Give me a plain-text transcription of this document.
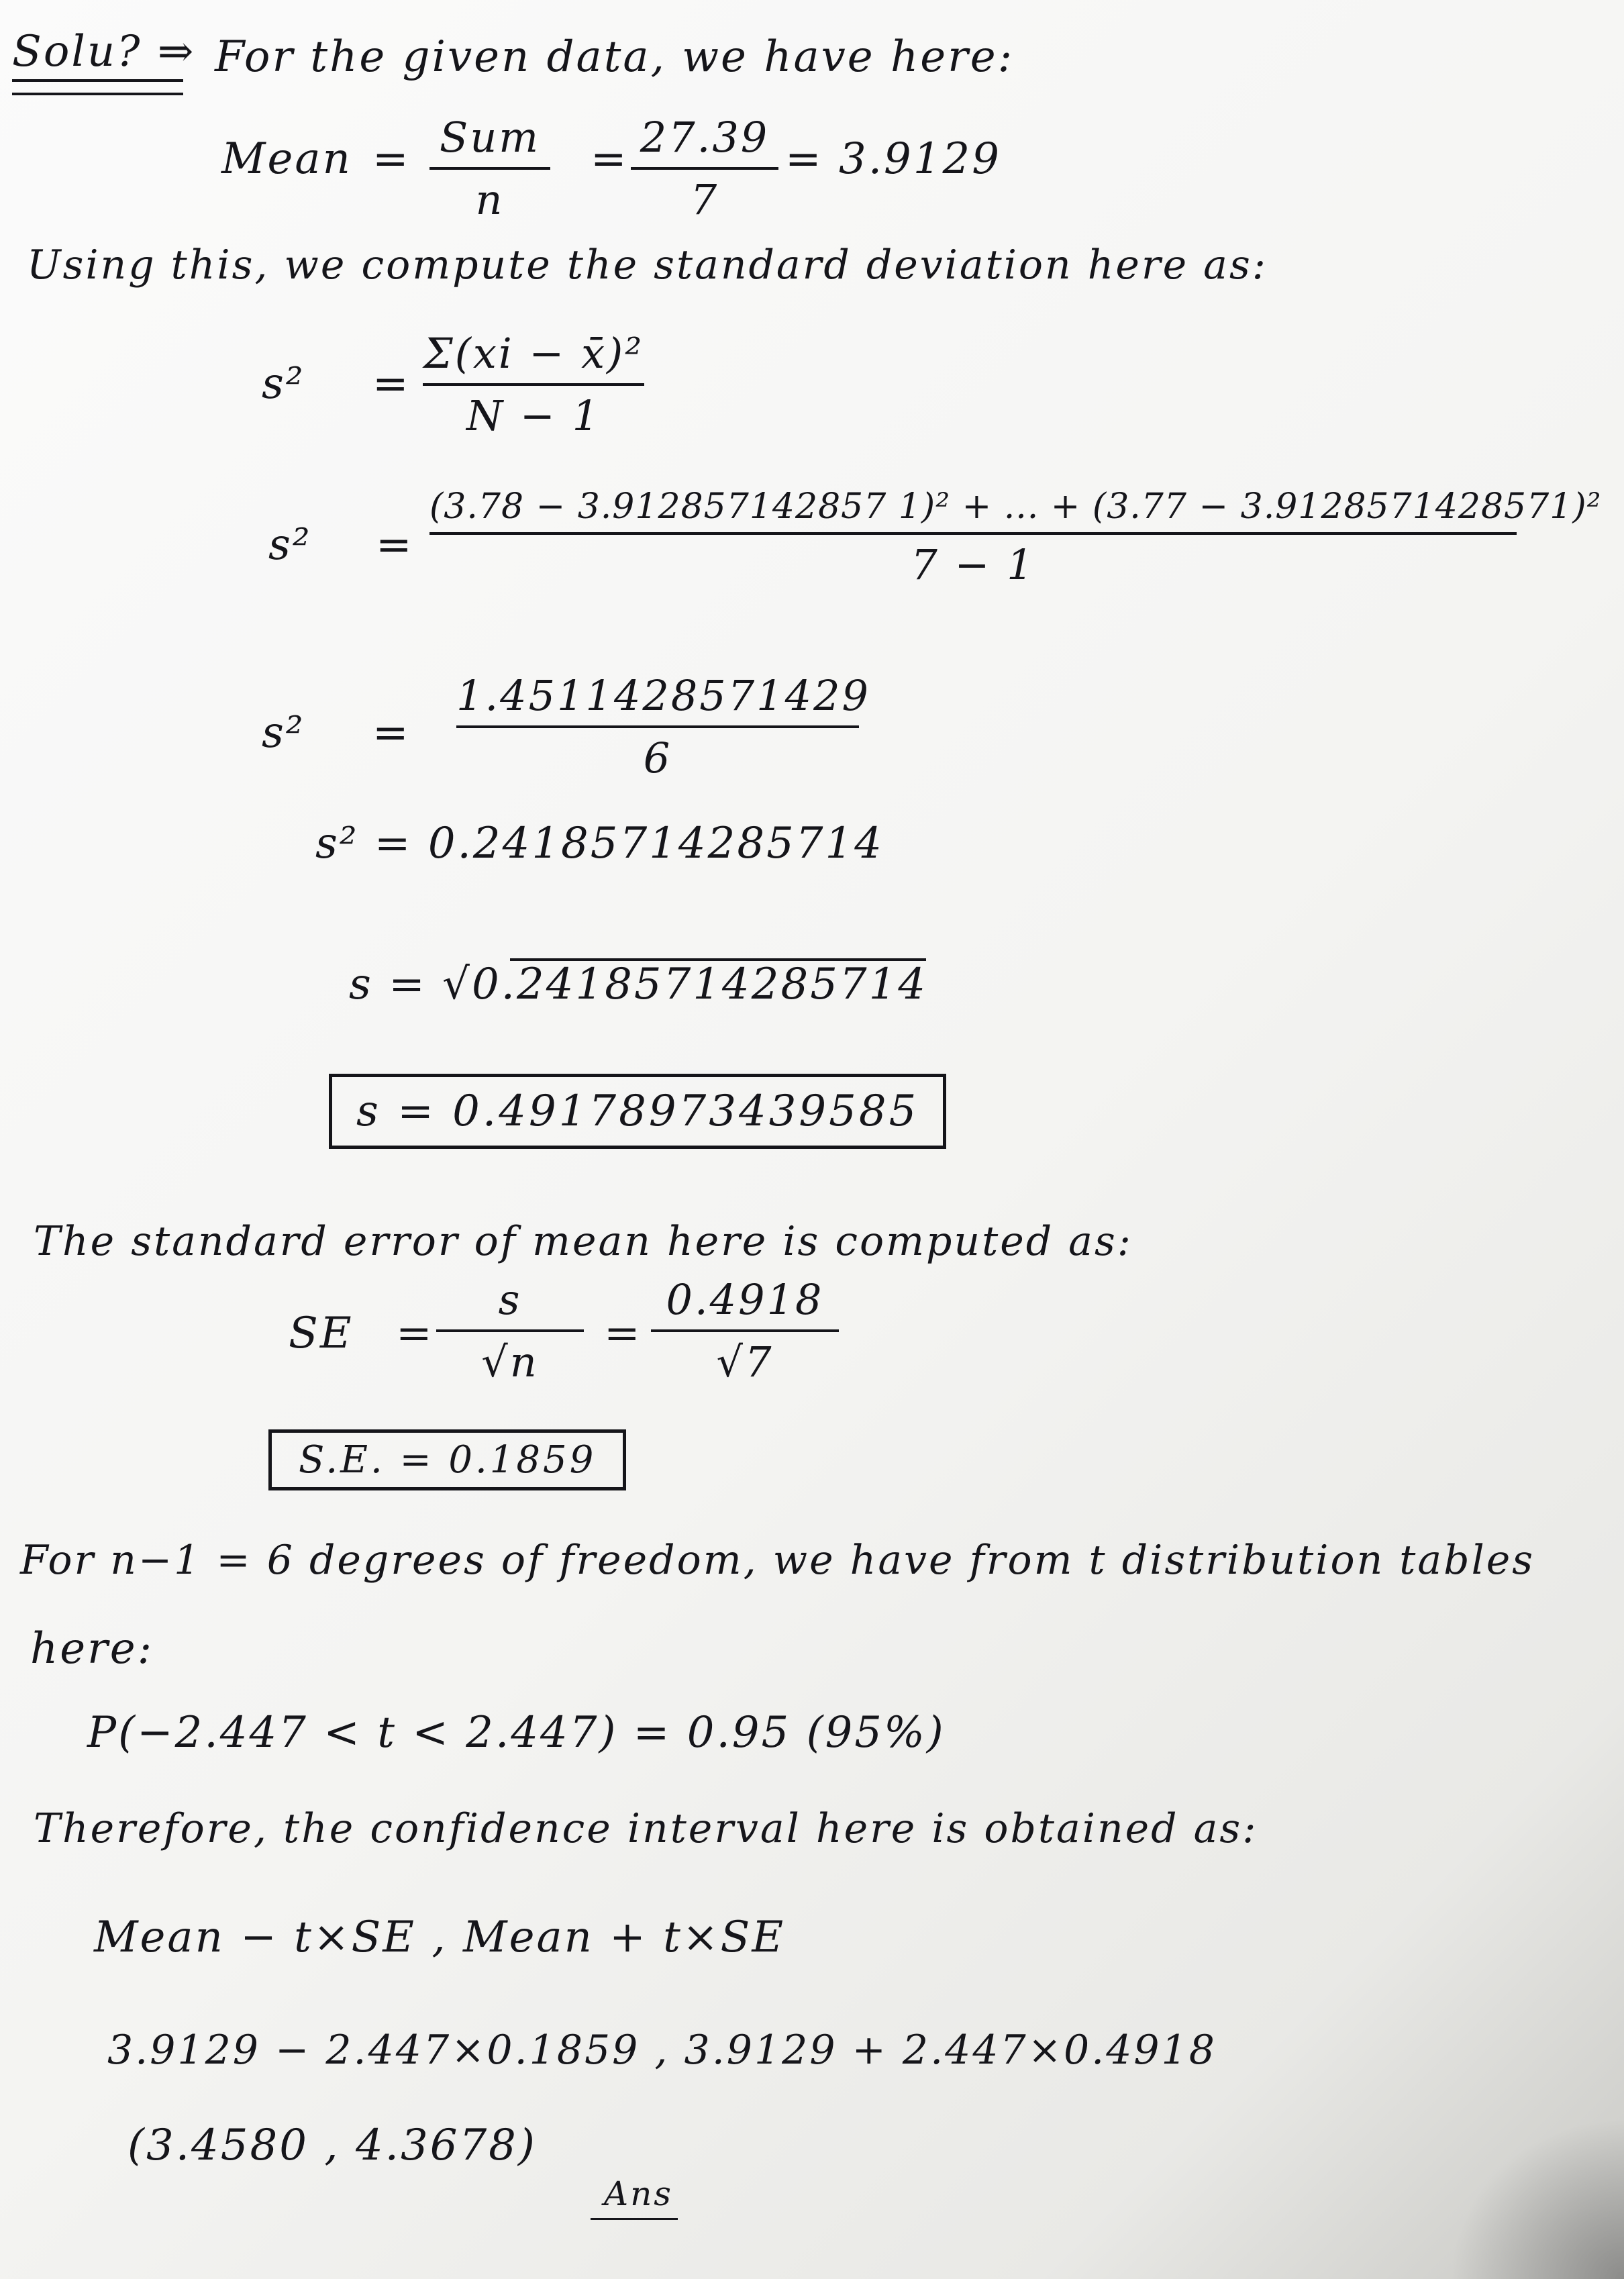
Solu? ⇒ For the given data, we have here:
Mean = Sum
n
= 27.39
7
= 3.9129
Using this, we compute the standard deviation here as:
s² =
Σ(xi − x̄)²
N − 1
s² =
(3.78 − 3.912857142857 1)² + ... + (3.77 − 3.9128571428571)²
7 − 1
s² =
1.4511428571429
6
s² = 0.24185714285714
s = √0.24185714285714
s = 0.49178973439585
The standard error of mean here is computed as:
SE =
s
√n
=
0.4918
√7
S.E. = 0.1859
For n−1 = 6 degrees of freedom, we have from t distribution tables
here:
P(−2.447 < t < 2.447) = 0.95 (95%)
Therefore, the confidence interval here is obtained as:
Mean − t×SE , Mean + t×SE
3.9129 − 2.447×0.1859 , 3.9129 + 2.447×0.4918
(3.4580 , 4.3678)
Ans
